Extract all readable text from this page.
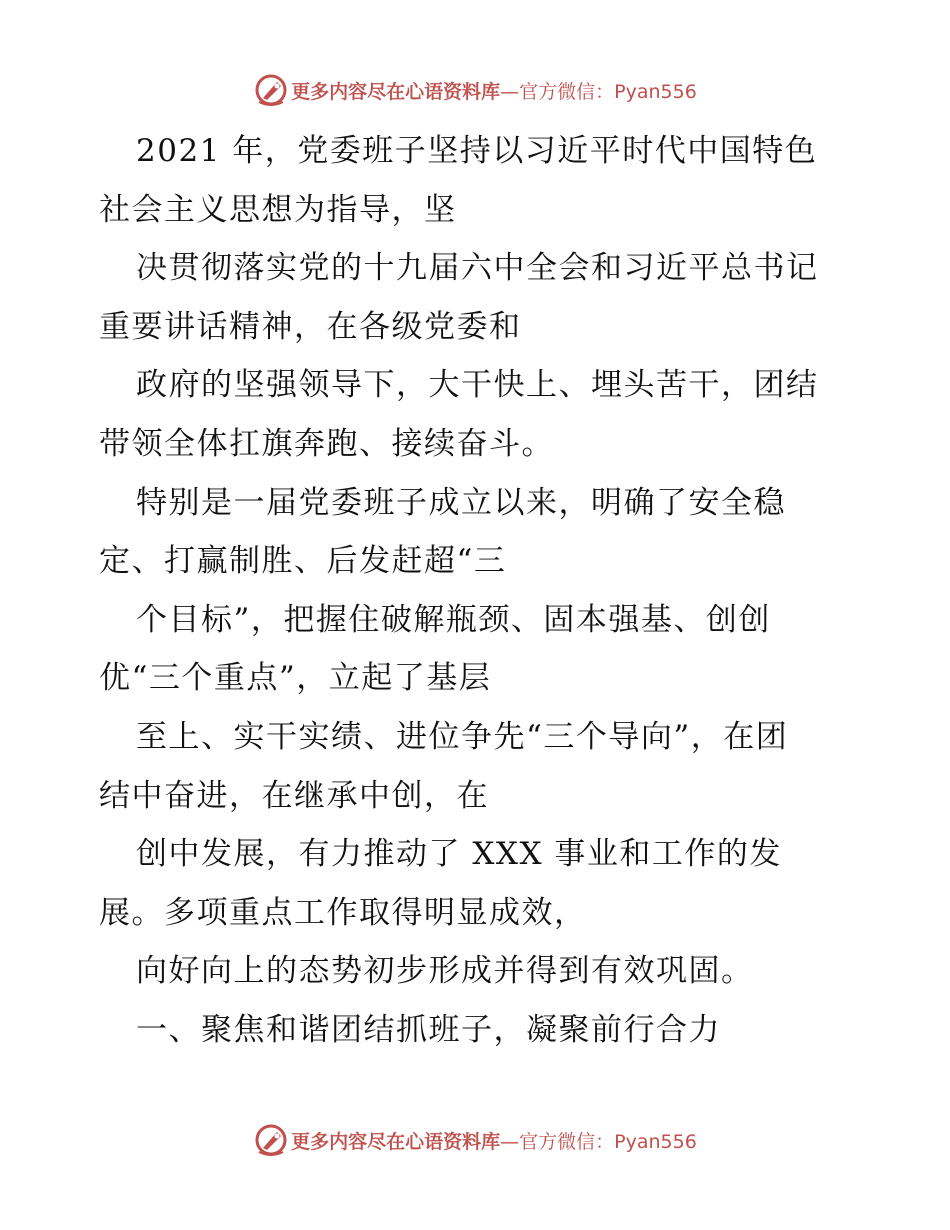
更多内容尽在心语资料库—官方微信：Pyan556
2021 年，党委班子坚持以习近平时代中国特色
社会主义思想为指导，坚
决贯彻落实党的十九届六中全会和习近平总书记
重要讲话精神，在各级党委和
政府的坚强领导下，大干快上、埋头苦干，团结
带领全体扛旗奔跑、接续奋斗。
特别是一届党委班子成立以来，明确了安全稳
定、打赢制胜、后发赶超“三
个目标”，把握住破解瓶颈、固本强基、创创
优“三个重点”，立起了基层
至上、实干实绩、进位争先“三个导向”，在团
结中奋进，在继承中创，在
创中发展，有力推动了 XXX 事业和工作的发
展。多项重点工作取得明显成效，
向好向上的态势初步形成并得到有效巩固。
一、聚焦和谐团结抓班子，凝聚前行合力
更多内容尽在心语资料库—官方微信：Pyan556
